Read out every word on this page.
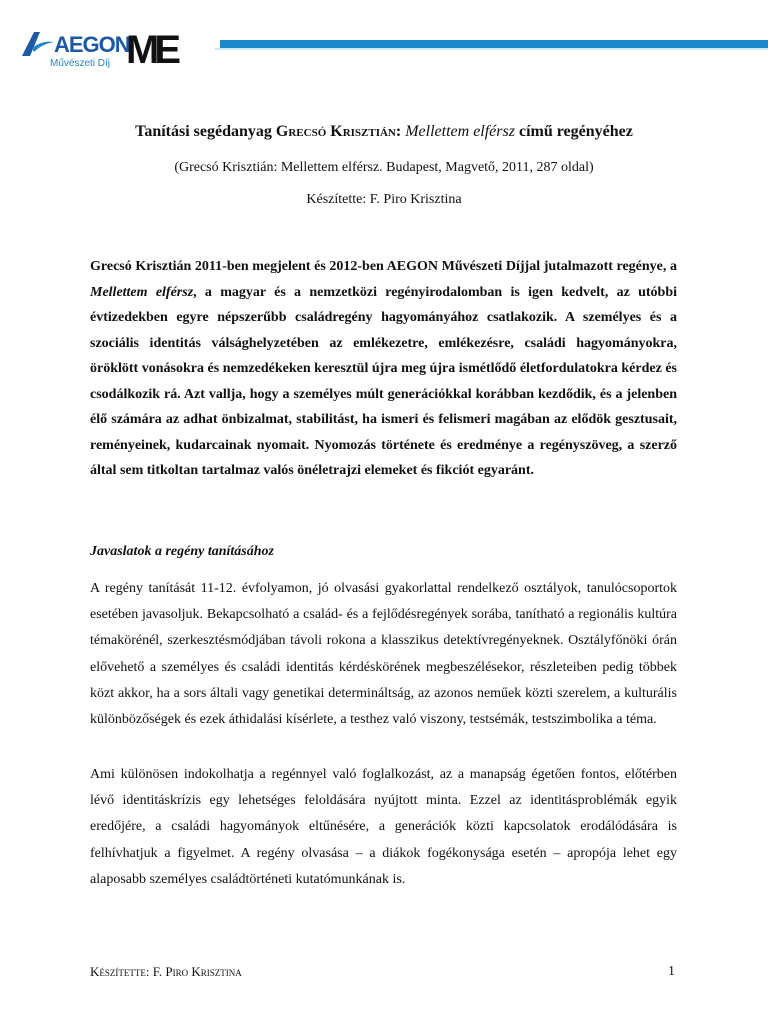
AEGON
Művészeti Díj ME
Tanítási segédanyag Grecsó Krisztián: Mellettem elférsz című regényéhez
(Grecsó Krisztián: Mellettem elférsz. Budapest, Magvető, 2011, 287 oldal)
Készítette: F. Piro Krisztina
Grecsó Krisztián 2011-ben megjelent és 2012-ben AEGON Művészeti Díjjal jutalmazott regénye, a Mellettem elférsz, a magyar és a nemzetközi regényirodalomban is igen kedvelt, az utóbbi évtizedekben egyre népszerűbb családregény hagyományához csatlakozik. A személyes és a szociális identitás válsághelyzetében az emlékezetre, emlékezésre, családi hagyományokra, öröklött vonásokra és nemzedékeken keresztül újra meg újra ismétlődő életfordulatokra kérdez és csodálkozik rá. Azt vallja, hogy a személyes múlt generációkkal korábban kezdődik, és a jelenben élő számára az adhat önbizalmat, stabilitást, ha ismeri és felismeri magában az elődök gesztusait, reményeinek, kudarcainak nyomait. Nyomozás története és eredménye a regényszöveg, a szerző által sem titkoltan tartalmaz valós önéletrajzi elemeket és fikciót egyaránt.
Javaslatok a regény tanításához
A regény tanítását 11-12. évfolyamon, jó olvasási gyakorlattal rendelkező osztályok, tanulócsoportok esetében javasoljuk. Bekapcsolható a család- és a fejlődésregények sorába, tanítható a regionális kultúra témakörénél, szerkesztésmódjában távoli rokona a klasszikus detektívregényeknek. Osztályfőnöki órán elővehető a személyes és családi identitás kérdéskörének megbeszélésekor, részleteiben pedig többek közt akkor, ha a sors általi vagy genetikai determináltság, az azonos neműek közti szerelem, a kulturális különbözőségek és ezek áthidalási kísérlete, a testhez való viszony, testsémák, testszimbolika a téma.
Ami különösen indokolhatja a regénnyel való foglalkozást, az a manapság égetően fontos, előtérben lévő identitáskrízis egy lehetséges feloldására nyújtott minta. Ezzel az identitásproblémák egyik eredőjére, a családi hagyományok eltűnésére, a generációk közti kapcsolatok erodálódására is felhívhatjuk a figyelmet. A regény olvasása – a diákok fogékonysága esetén – apropója lehet egy alaposabb személyes családtörténeti kutatómunkának is.
Készítette: F. Piro Krisztina	1
